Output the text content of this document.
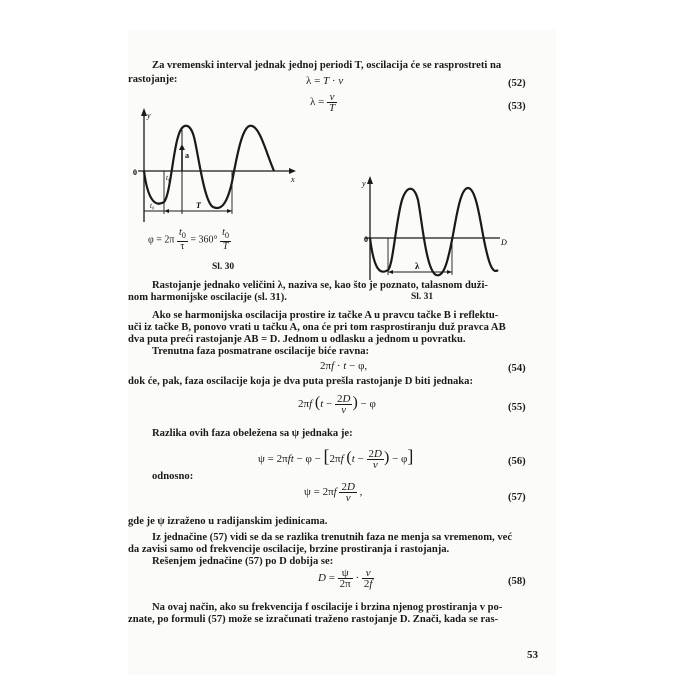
Za vremenski interval jednak jednoj periodi T, oscilacija će se rasprostreti na
rastojanje:	λ = T · v	(52)
$\lambda = \frac{v}{T}$	(53)
y
x
0
a
t₀
t₀	T
$\varphi = 2\pi \frac{t_0}{\tau} = 360^\circ \frac{t_0}{T}$
Sl. 30
y
D
0
λ
Sl. 31
Rastojanje jednako veličini λ, naziva se, kao što je poznato, talasnom duži-
nom harmonijske oscilacije (sl. 31).
Ako se harmonijska oscilacija prostire iz tačke A u pravcu tačke B i reflektu-
uči iz tačke B, ponovo vrati u tačku A, ona će pri tom rasprostiranju duž pravca AB
dva puta preći rastojanje AB = D. Jednom u odlasku a jednom u povratku.
Trenutna faza posmatrane oscilacije biće ravna:
2πf · t − φ,	(54)
dok će, pak, faza oscilacije koja je dva puta prešla rastojanje D biti jednaka:
2πf ($t - \frac{2D}{v}$ ) − φ	(55)
Razlika ovih faza obeležena sa ψ jednaka je:
ψ = 2πft − φ − [2πf ($t - \frac{2D}{v}$ ) − φ]	(56)
odnosno:
$\psi = 2\pi f \frac{2D}{v}$ ,	(57)
gde je ψ izraženo u radijanskim jedinicama.
Iz jednačine (57) vidi se da se razlika trenutnih faza ne menja sa vremenom, već
da zavisi samo od frekvencije oscilacije, brzine prostiranja i rastojanja.
Rešenjem jednačine (57) po D dobija se:
$D = \frac{\psi}{2\pi} \cdot \frac{v}{2f}$	(58)
Na ovaj način, ako su frekvencija f oscilacije i brzina njenog prostiranja v po-
znate, po formuli (57) može se izračunati traženo rastojanje D. Znači, kada se ras-
53
